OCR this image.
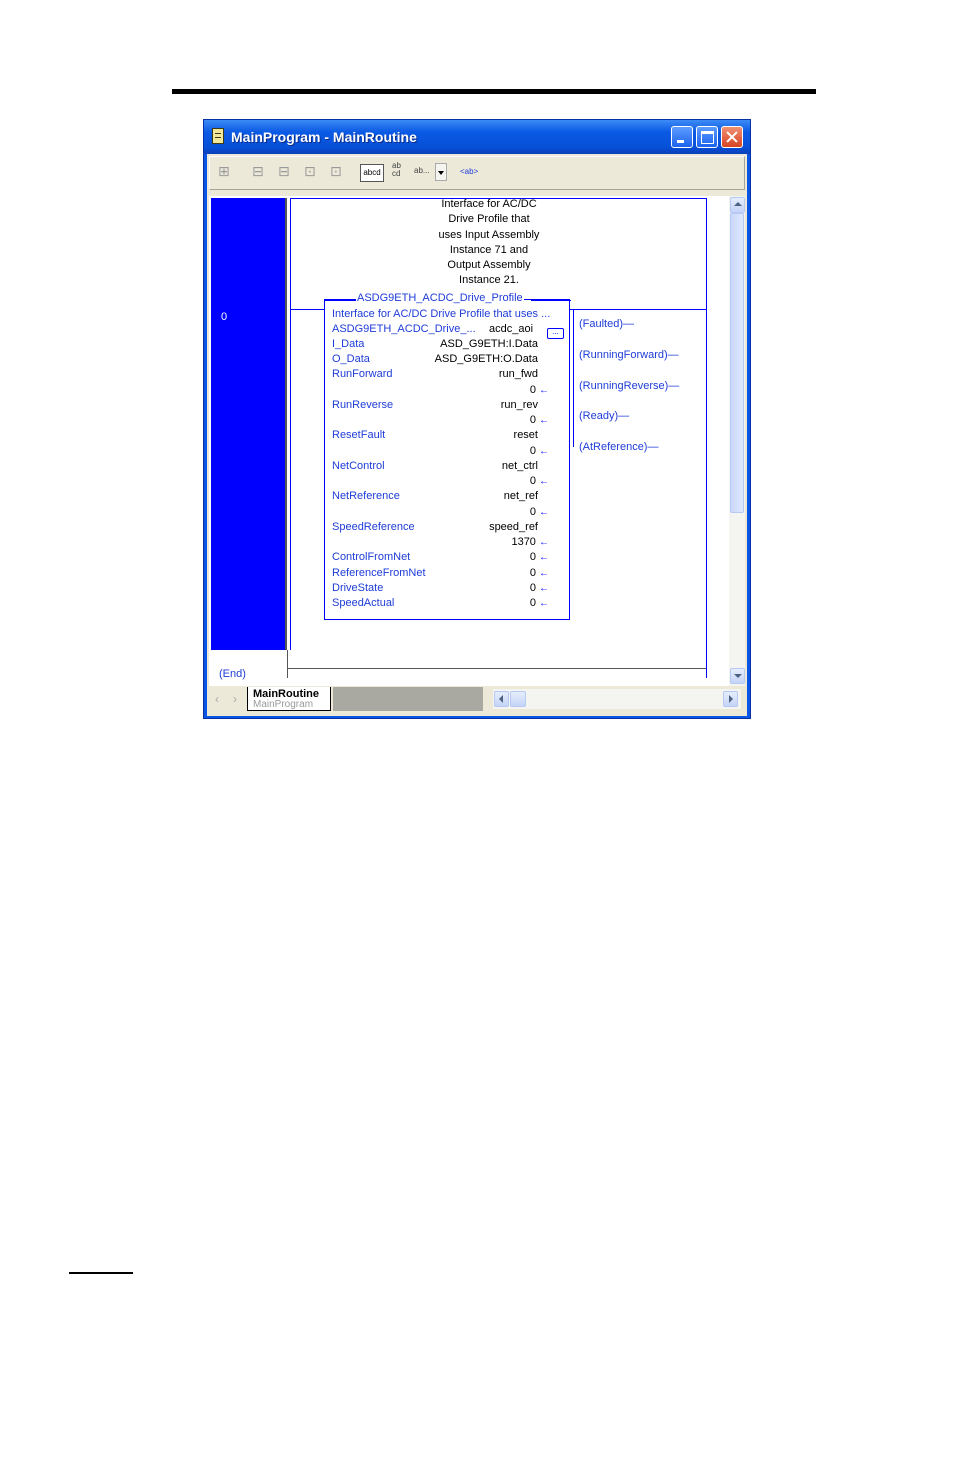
MainProgram - MainRoutine
⊞ ⊟ ⊟ ⊡ ⊡	abcd
ab cd ab...	<ab>
0
(End)
Interface for AC/DC
Drive Profile that
uses Input Assembly
Instance 71 and
Output Assembly
Instance 21.
ASDG9ETH_ACDC_Drive_Profile
Interface for AC/DC Drive Profile that uses ...
ASDG9ETH_ACDC_Drive_... acdc_aoi	...
I_Data	ASD_G9ETH:I.Data
O_Data	ASD_G9ETH:O.Data
RunForward	run_fwd
0 ←
RunReverse	run_rev
0 ←
ResetFault	reset
0 ←
NetControl	net_ctrl
0 ←
NetReference	net_ref
0 ←
SpeedReference	speed_ref
1370 ←
ControlFromNet	0 ←
ReferenceFromNet	0 ←
DriveState	0 ←
SpeedActual	0 ←
(Faulted)—
(RunningForward)—
(RunningReverse)—
(Ready)—
(AtReference)—
‹ › MainRoutine
MainProgram
